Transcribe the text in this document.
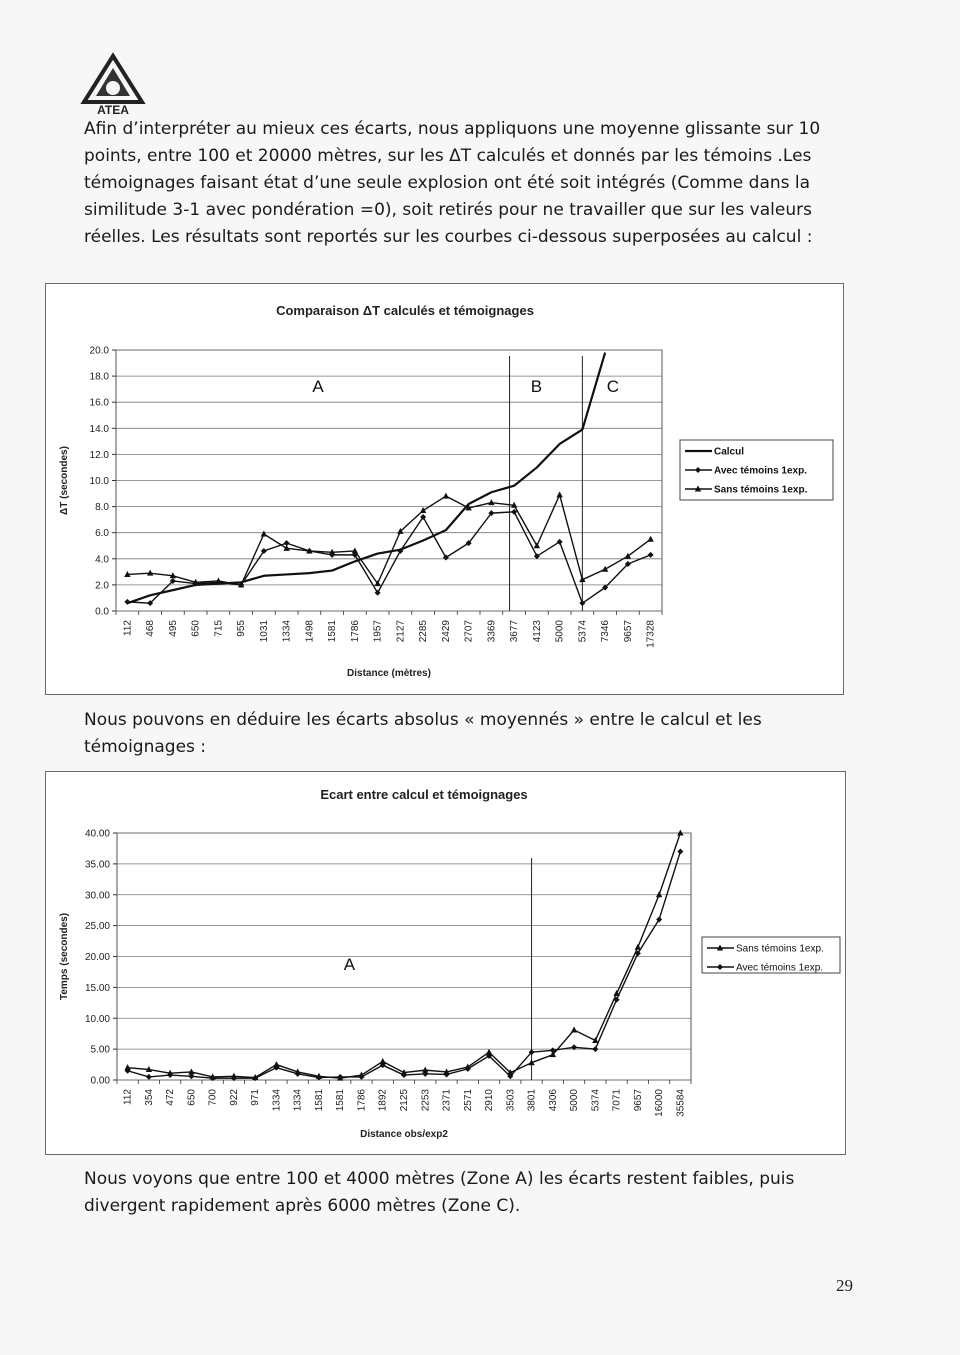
ATEA
Afin d’interpréter au mieux ces écarts, nous appliquons une moyenne glissante sur 10 points, entre 100 et 20000 mètres, sur les ΔT calculés et donnés par les témoins .Les témoignages faisant état d’une seule explosion ont été soit intégrés (Comme dans la similitude 3-1 avec pondération =0), soit retirés pour ne travailler que sur les valeurs réelles. Les résultats sont reportés sur les courbes ci-dessous superposées au calcul :
Comparaison ΔT calculés et témoignages
0.0
2.0
4.0
6.0
8.0
10.0
12.0
14.0
16.0
18.0
20.0
112 468 495 650 715 955 1031 1334 1498 1581 1786 1957 2127 2285 2429 2707 3369 3677 4123 5000 5374 7346 9657 17328
Distance (mètres)
ΔT (secondes)
A	B	C
Calcul
Avec témoins 1exp.
Sans témoins 1exp.
Nous pouvons en déduire les écarts absolus « moyennés » entre le calcul et les témoignages :
Ecart entre calcul et témoignages
0.00
5.00
10.00
15.00
20.00
25.00
30.00
35.00
40.00
112 354 472 650 700 922 971 1334 1334 1581 1581 1786 1892 2125 2253 2371 2571 2910 3503 3801 4306 5000 5374 7071 9657 16000 35584
Distance obs/exp2
Temps (secondes)	A
Sans témoins 1exp.
Avec témoins 1exp.
Nous voyons que entre 100 et 4000 mètres (Zone A) les écarts restent faibles, puis divergent rapidement après 6000 mètres (Zone C).
29
